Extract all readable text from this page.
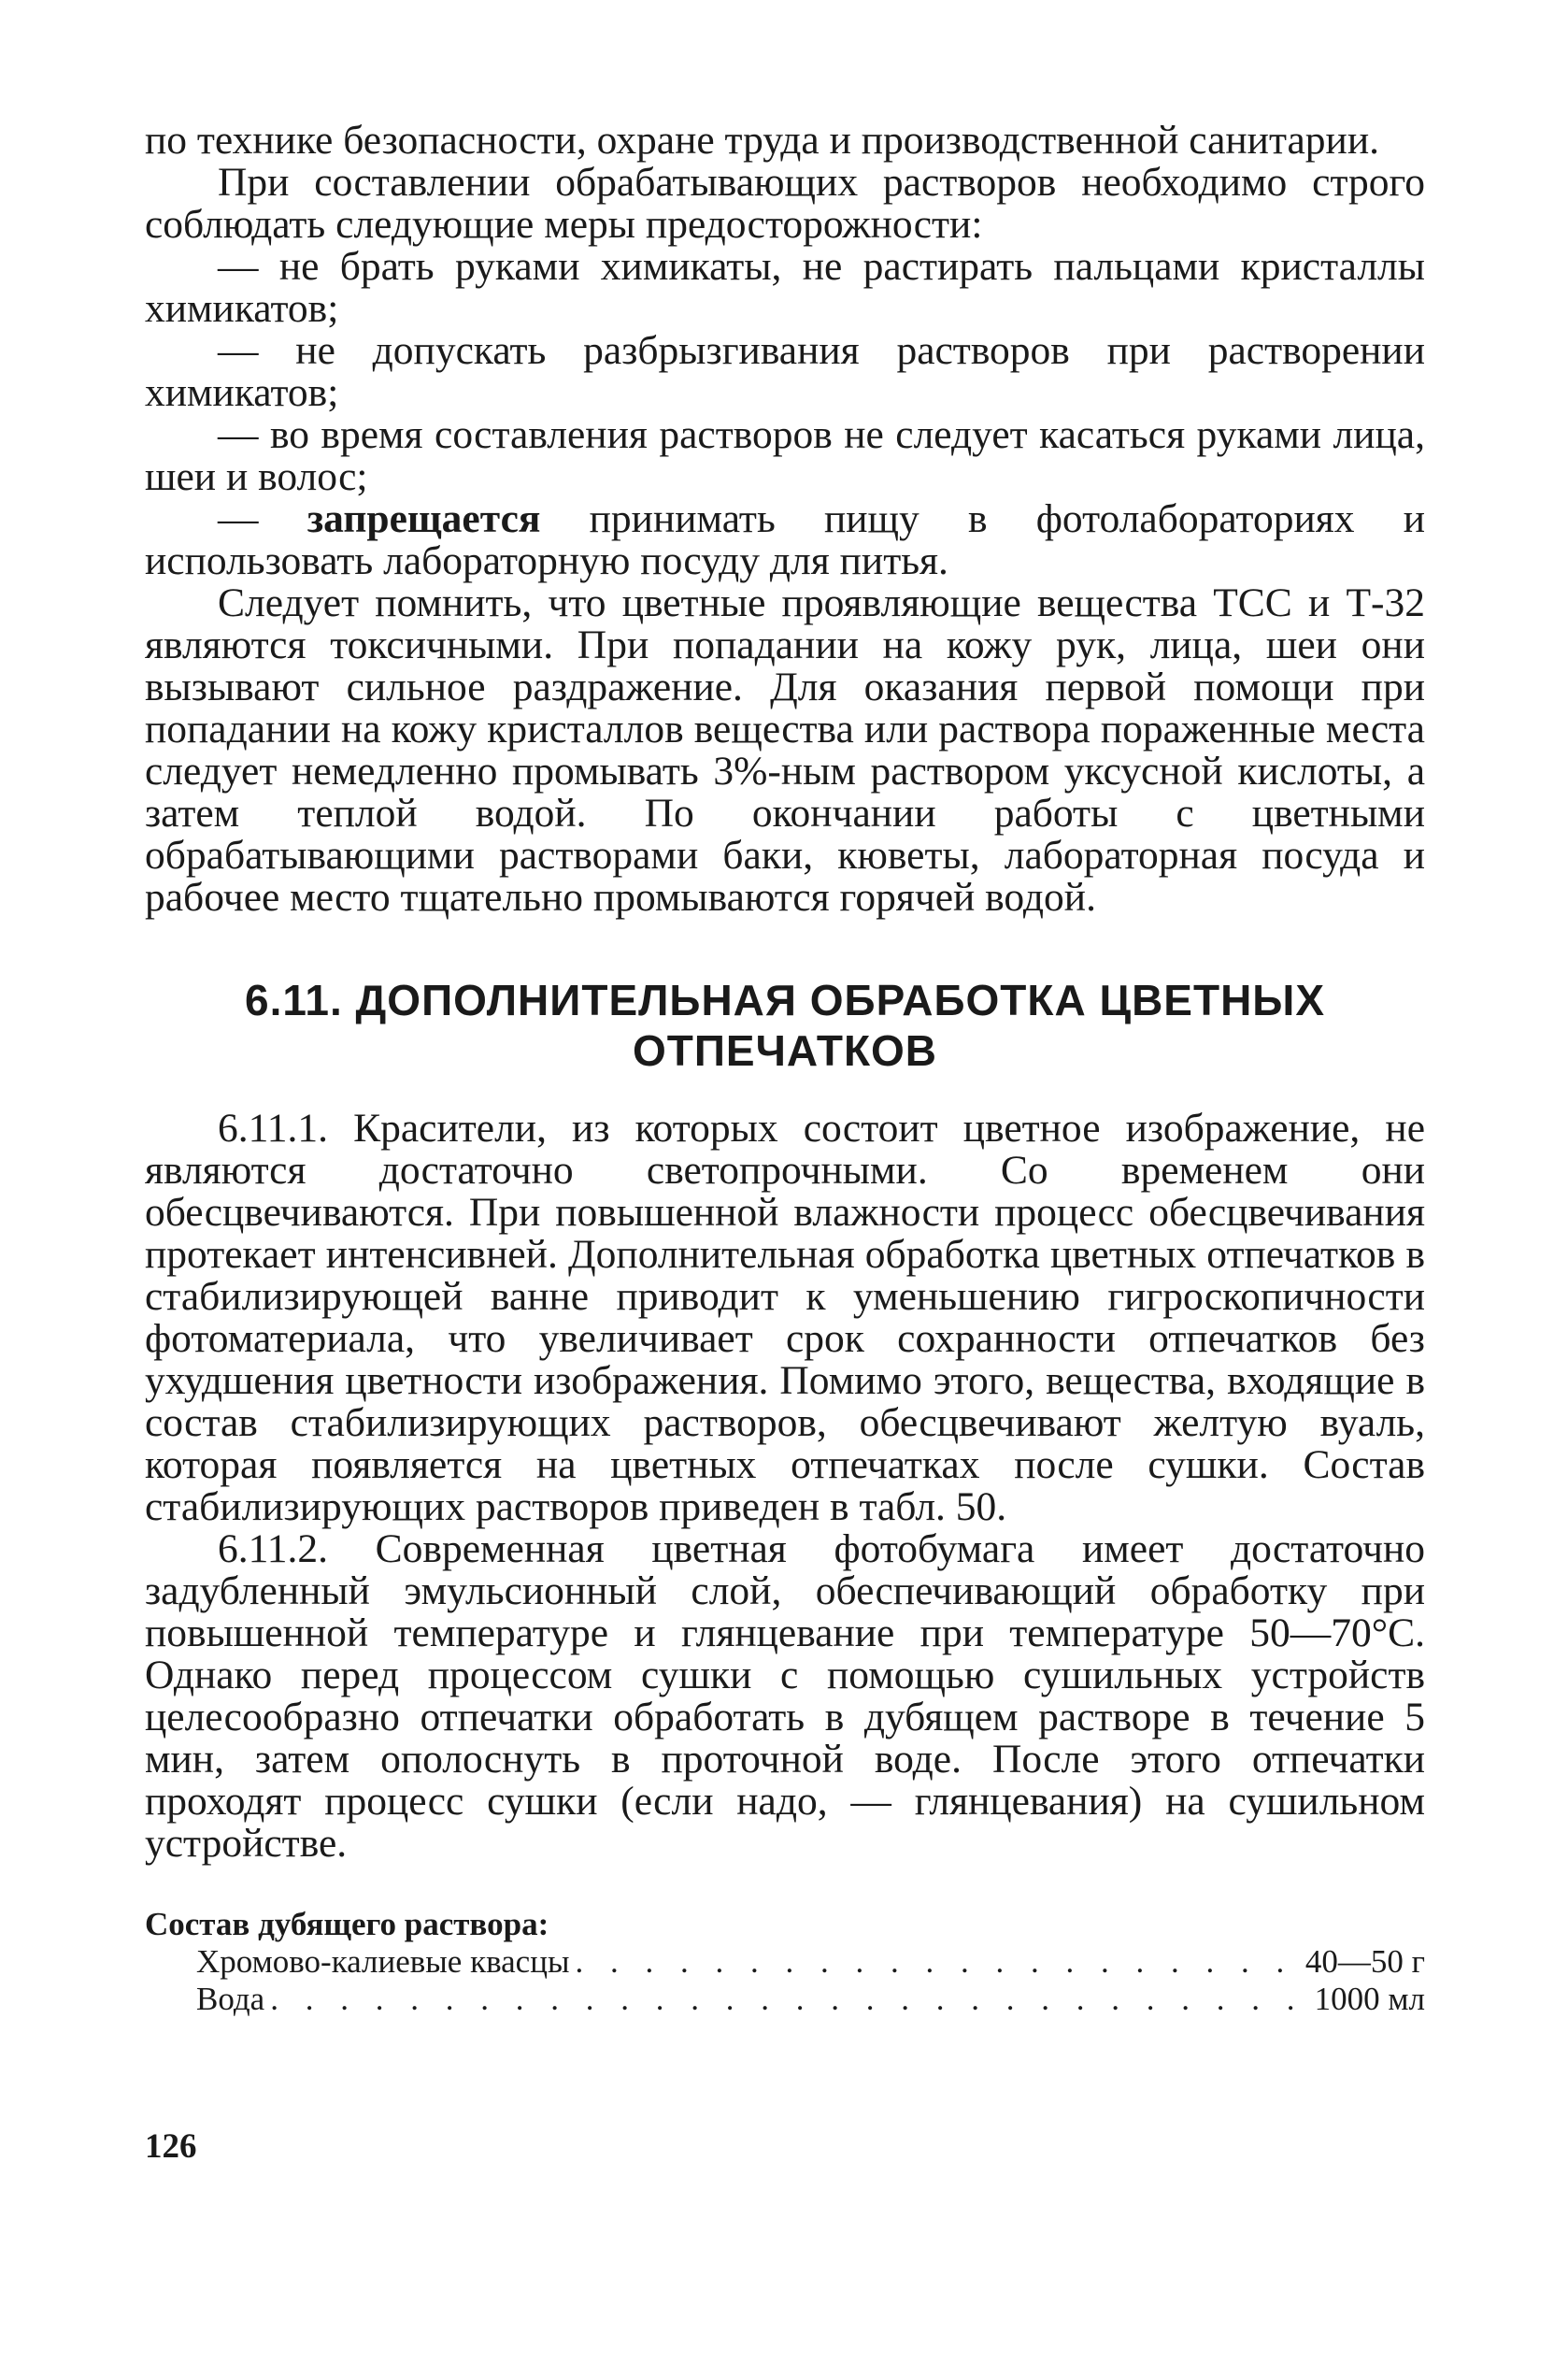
по технике безопасности, охране труда и производственной санитарии.

При составлении обрабатывающих растворов необходимо строго соблюдать следующие меры предосторожности:

— не брать руками химикаты, не растирать пальцами кристаллы химикатов;

— не допускать разбрызгивания растворов при растворении химикатов;

— во время составления растворов не следует касаться руками лица, шеи и волос;

— запрещается принимать пищу в фотолабораториях и использовать лабораторную посуду для питья.

Следует помнить, что цветные проявляющие вещества ТСС и Т-32 являются токсичными. При попадании на кожу рук, лица, шеи они вызывают сильное раздражение. Для оказания первой помощи при попадании на кожу кристаллов вещества или раствора пораженные места следует немедленно промывать 3%-ным раствором уксусной кислоты, а затем теплой водой. По окончании работы с цветными обрабатывающими растворами баки, кюветы, лабораторная посуда и рабочее место тщательно промываются горячей водой.

6.11. ДОПОЛНИТЕЛЬНАЯ ОБРАБОТКА ЦВЕТНЫХ
ОТПЕЧАТКОВ

6.11.1. Красители, из которых состоит цветное изображение, не являются достаточно светопрочными. Со временем они обесцвечиваются. При повышенной влажности процесс обесцвечивания протекает интенсивней. Дополнительная обработка цветных отпечатков в стабилизирующей ванне приводит к уменьшению гигроскопичности фотоматериала, что увеличивает срок сохранности отпечатков без ухудшения цветности изображения. Помимо этого, вещества, входящие в состав стабилизирующих растворов, обесцвечивают желтую вуаль, которая появляется на цветных отпечатках после сушки. Состав стабилизирующих растворов приведен в табл. 50.

6.11.2. Современная цветная фотобумага имеет достаточно задубленный эмульсионный слой, обеспечивающий обработку при повышенной температуре и глянцевание при температуре 50—70°С. Однако перед процессом сушки с помощью сушильных устройств целесообразно отпечатки обработать в дубящем растворе в течение 5 мин, затем ополоснуть в проточной воде. После этого отпечатки проходят процесс сушки (если надо, — глянцевания) на сушильном устройстве.

Состав дубящего раствора:
Хромово-калиевые квасцы . . .	40—50 г
Вода . . .	1000 мл
126
